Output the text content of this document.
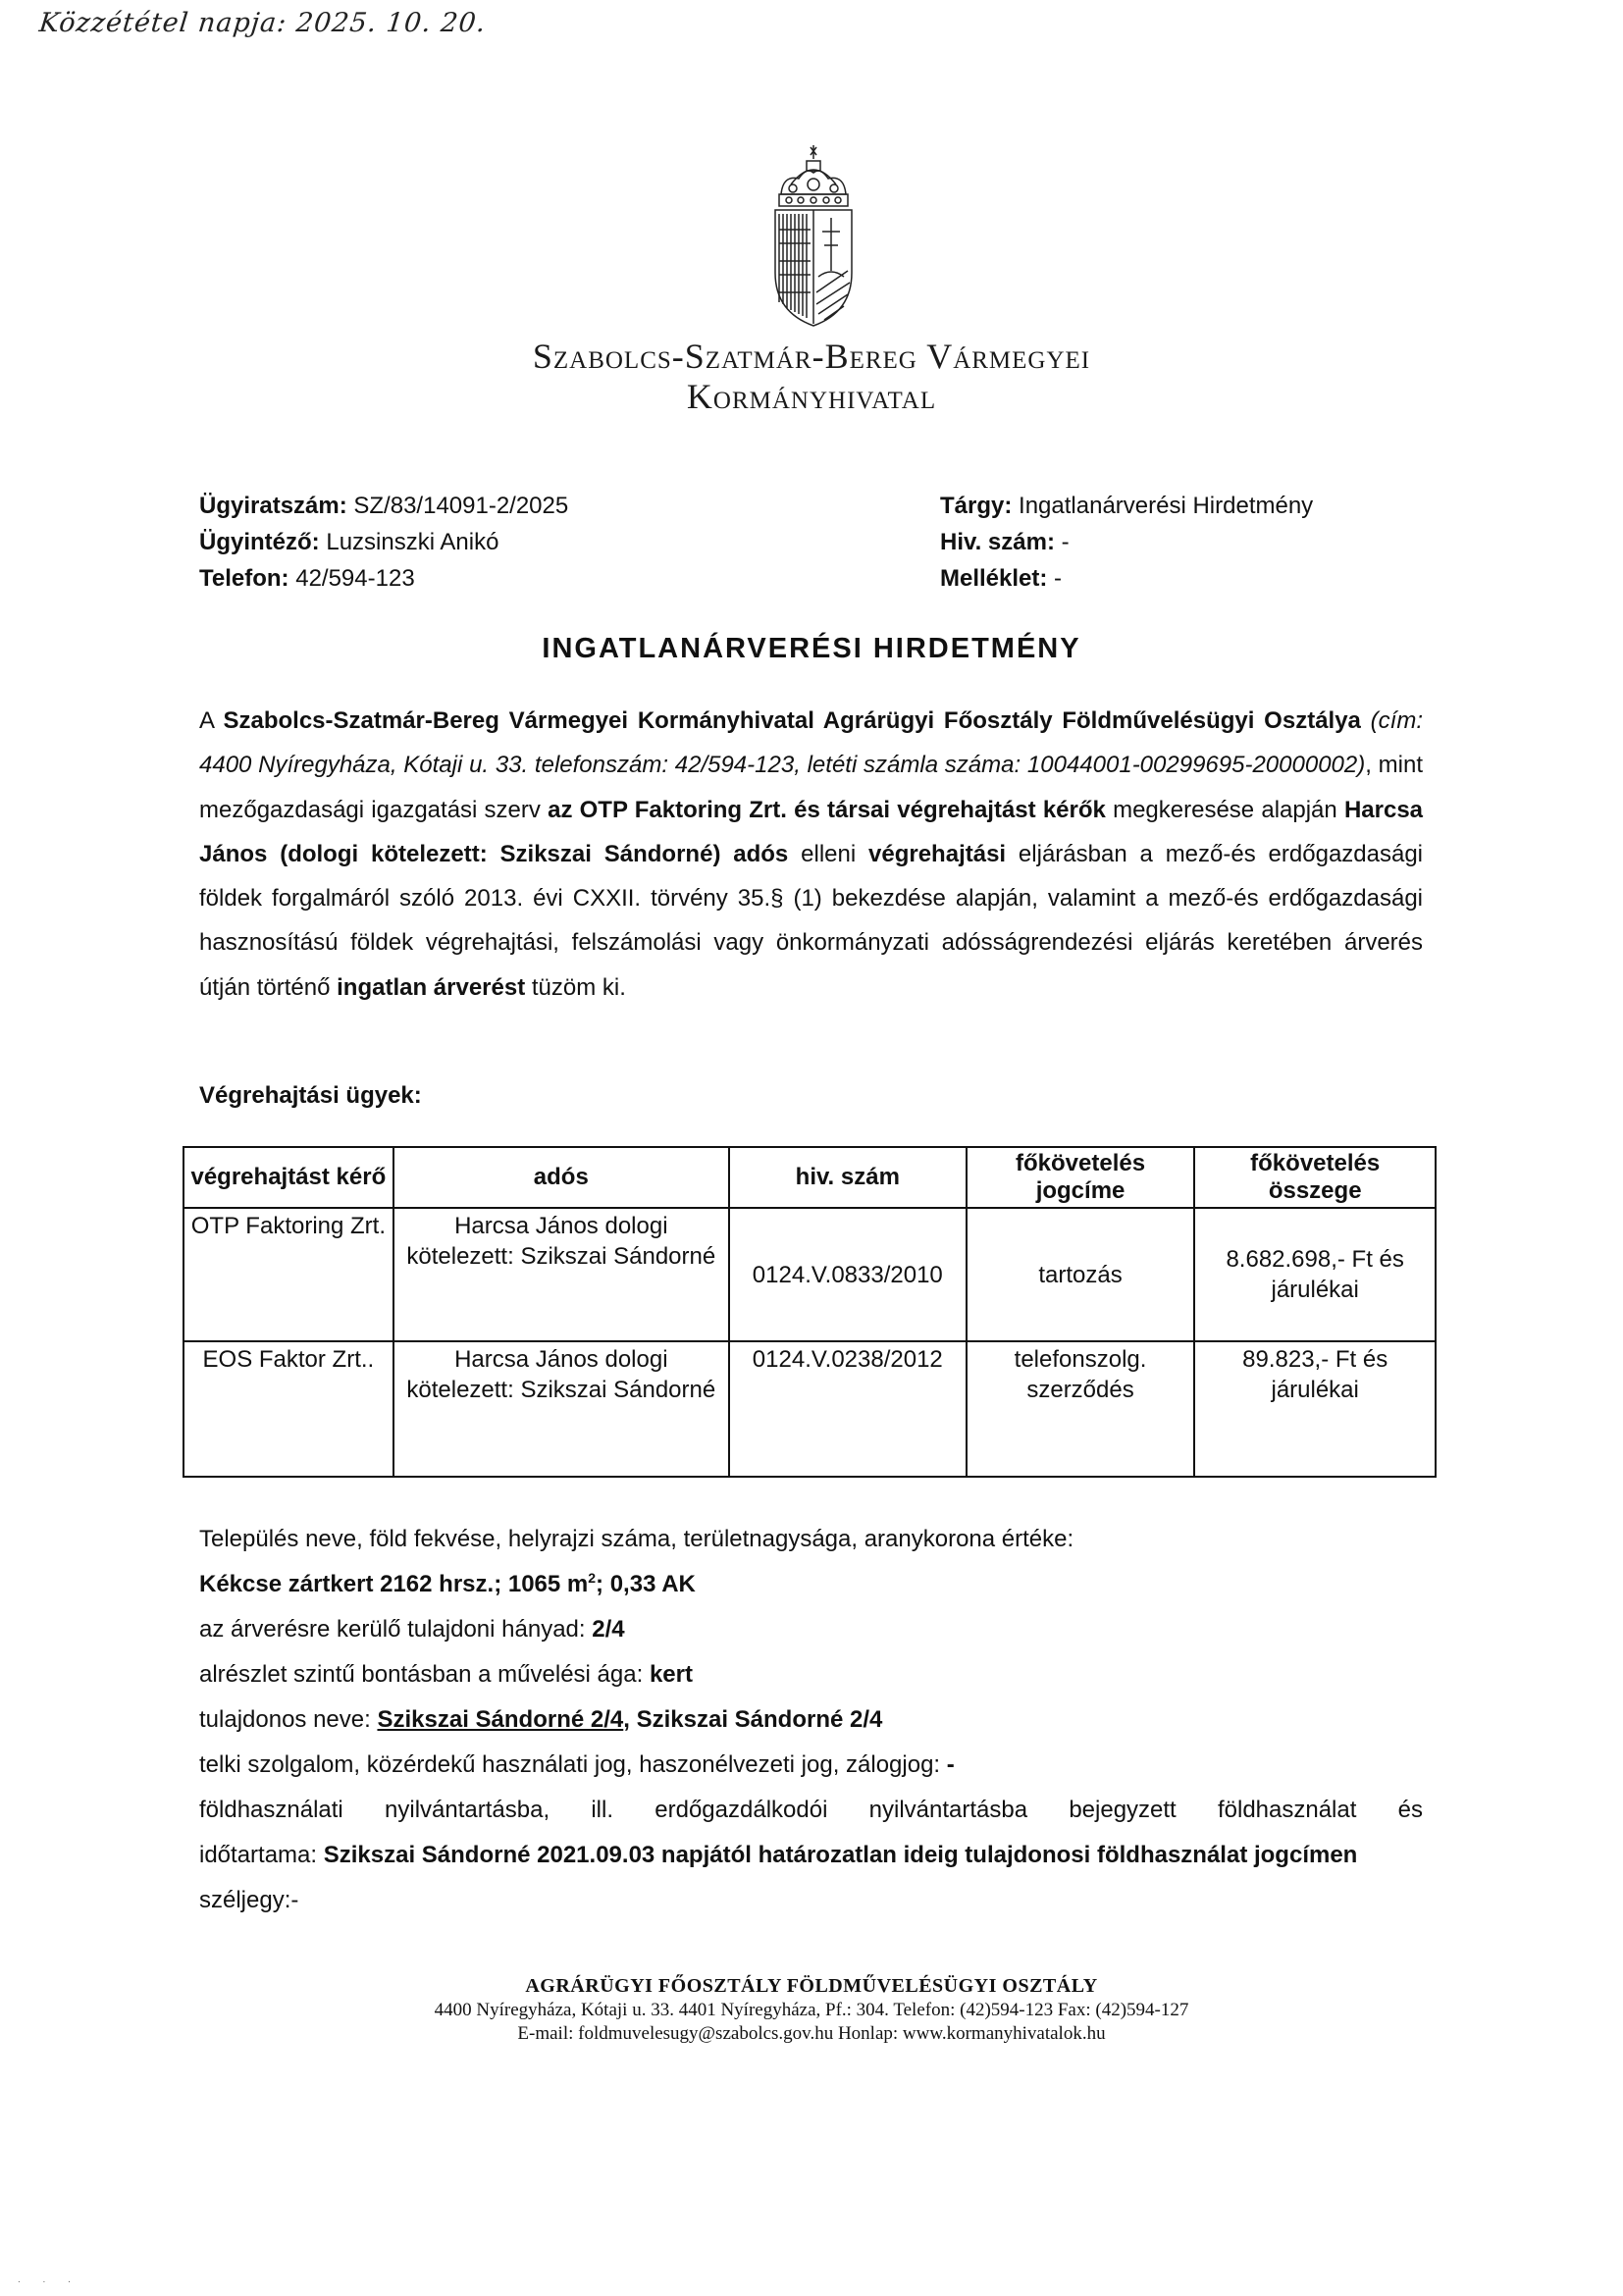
Közzététel napja: 2025. 10. 20.
Szabolcs-Szatmár-Bereg Vármegyei
Kormányhivatal
Ügyiratszám: SZ/83/14091-2/2025
Ügyintéző: Luzsinszki Anikó
Telefon: 42/594-123
Tárgy: Ingatlanárverési Hirdetmény
Hiv. szám: -
Melléklet: -
INGATLANÁRVERÉSI HIRDETMÉNY
A Szabolcs-Szatmár-Bereg Vármegyei Kormányhivatal Agrárügyi Főosztály Földművelésügyi Osztálya (cím: 4400 Nyíregyháza, Kótaji u. 33. telefonszám: 42/594-123, letéti számla száma: 10044001-00299695-20000002), mint mezőgazdasági igazgatási szerv az OTP Faktoring Zrt. és társai végrehajtást kérők megkeresése alapján Harcsa János (dologi kötelezett: Szikszai Sándorné) adós elleni végrehajtási eljárásban a mező-és erdőgazdasági földek forgalmáról szóló 2013. évi CXXII. törvény 35.§ (1) bekezdése alapján, valamint a mező-és erdőgazdasági hasznosítású földek végrehajtási, felszámolási vagy önkormányzati adósságrendezési eljárás keretében árverés útján történő ingatlan árverést tüzöm ki.
Végrehajtási ügyek:
végrehajtást kérő	adós	hiv. szám	főkövetelés jogcíme	főkövetelés összege
OTP Faktoring Zrt.	Harcsa János dologi kötelezett: Szikszai Sándorné	0124.V.0833/2010	tartozás	8.682.698,- Ft és járulékai
EOS Faktor Zrt..	Harcsa János dologi kötelezett: Szikszai Sándorné	0124.V.0238/2012	telefonszolg. szerződés	89.823,- Ft és járulékai
Település neve, föld fekvése, helyrajzi száma, területnagysága, aranykorona értéke:
Kékcse zártkert 2162 hrsz.; 1065 $m^2$; 0,33 AK
az árverésre kerülő tulajdoni hányad: 2/4
alrészlet szintű bontásban a művelési ága: kert
tulajdonos neve: Szikszai Sándorné 2/4, Szikszai Sándorné 2/4
telki szolgalom, közérdekű használati jog, haszonélvezeti jog, zálogjog: -
földhasználati nyilvántartásba, ill. erdőgazdálkodói nyilvántartásba bejegyzett földhasználat és
időtartama: Szikszai Sándorné 2021.09.03 napjától határozatlan ideig tulajdonosi földhasználat jogcímen
széljegy:-
AGRÁRÜGYI FŐOSZTÁLY FÖLDMŰVELÉSÜGYI OSZTÁLY
4400 Nyíregyháza, Kótaji u. 33. 4401 Nyíregyháza, Pf.: 304. Telefon: (42)594-123 Fax: (42)594-127
E-mail: foldmuvelesugy@szabolcs.gov.hu Honlap: www.kormanyhivatalok.hu
. . .
